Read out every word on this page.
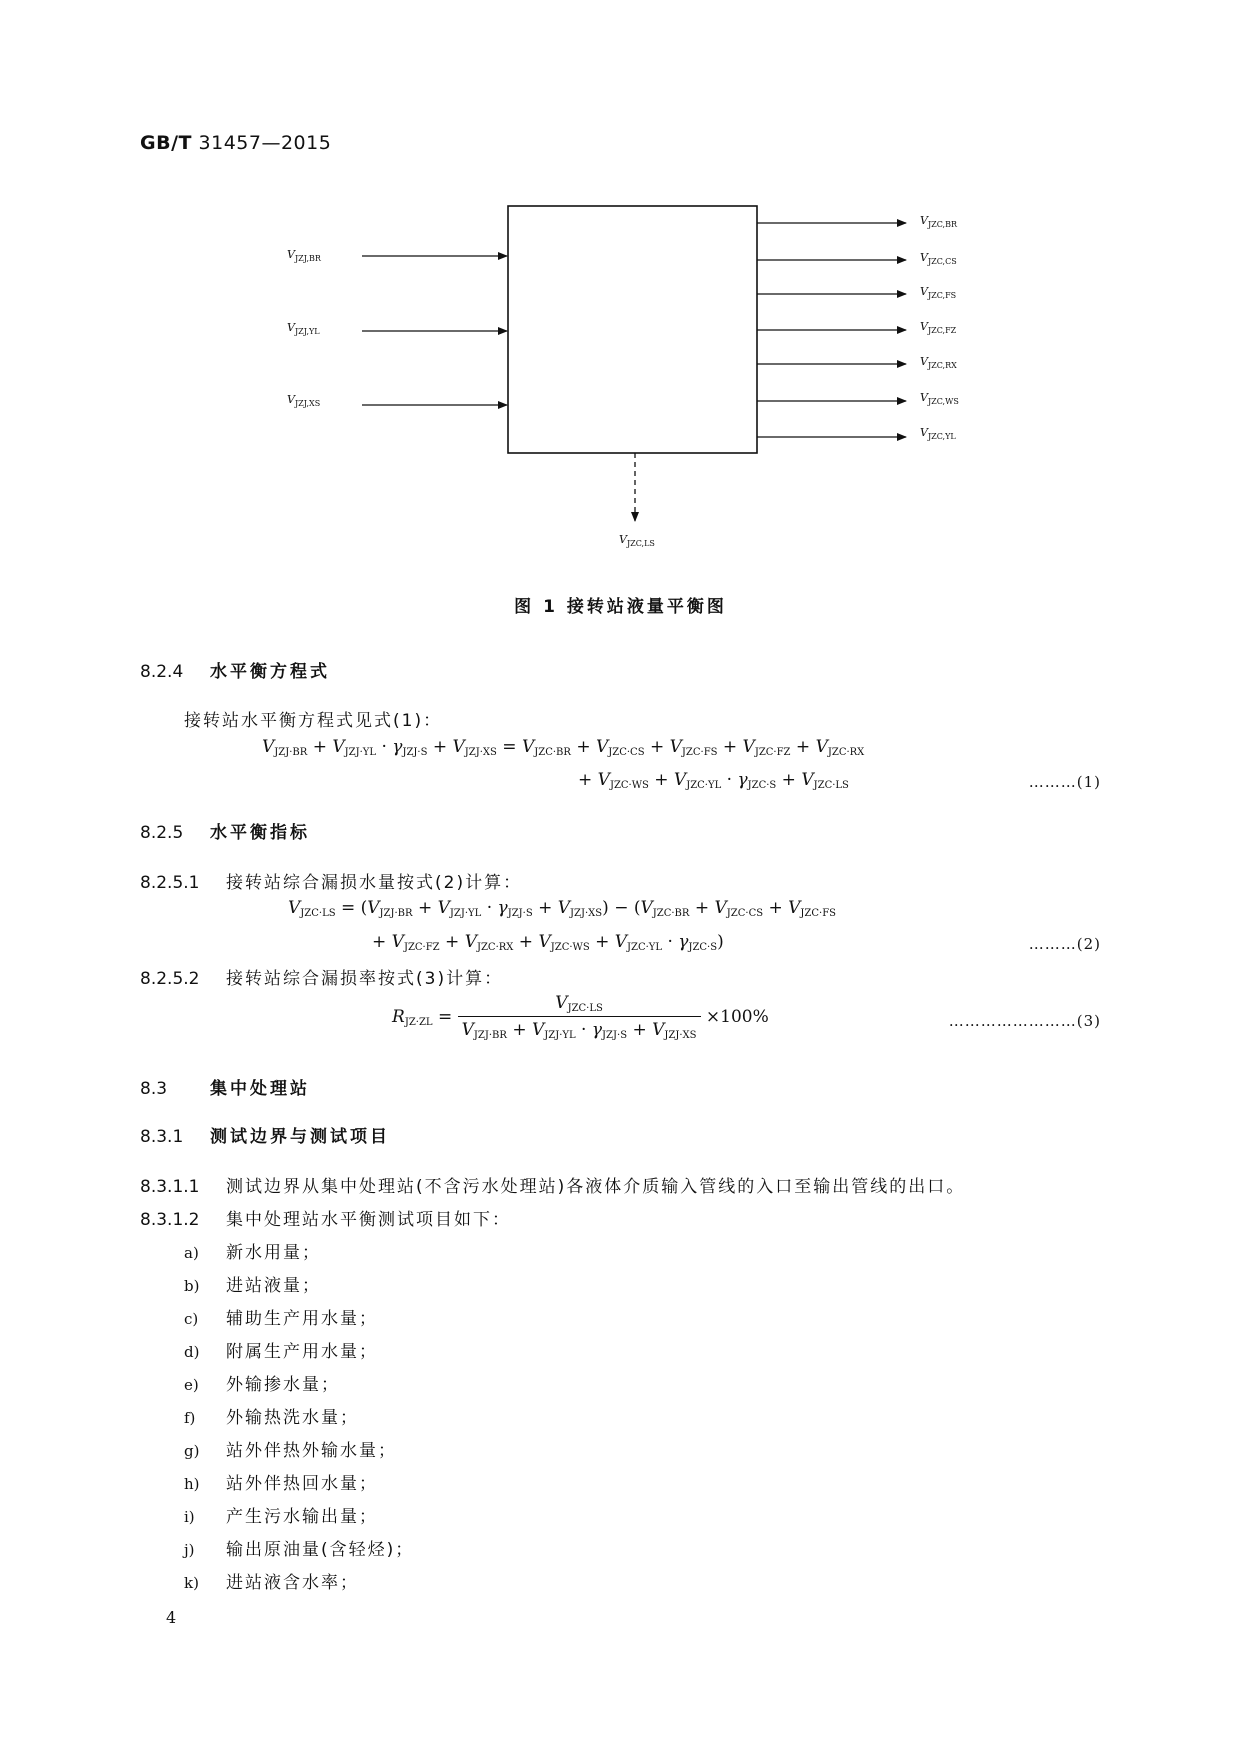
GB/T 31457—2015
$V_{JZJ,BR}$
$V_{JZJ,YL}$
$V_{JZJ,XS}$
$V_{JZC,BR}$
$V_{JZC,CS}$
$V_{JZC,FS}$
$V_{JZC,FZ}$
$V_{JZC,RX}$
$V_{JZC,WS}$
$V_{JZC,YL}$
$V_{JZC,LS}$
图 1 接转站液量平衡图
8.2.4 水平衡方程式
接转站水平衡方程式见式(1)：
$V_{JZJ\cdot BR} + V_{JZJ\cdot YL} \cdot \gamma_{JZJ\cdot S} + V_{JZJ\cdot XS} = V_{JZC\cdot BR} + V_{JZC\cdot CS} + V_{JZC\cdot FS} + V_{JZC\cdot FZ} + V_{JZC\cdot RX}$
+ $V_{JZC\cdot WS} + V_{JZC\cdot YL} \cdot \gamma_{JZC\cdot S} + V_{JZC\cdot LS}$	………(1)
8.2.5 水平衡指标
8.2.5.1 接转站综合漏损水量按式(2)计算：
$V_{JZC\cdot LS} = (V_{JZJ\cdot BR} + V_{JZJ\cdot YL} \cdot \gamma_{JZJ\cdot S} + V_{JZJ\cdot XS}) - (V_{JZC\cdot BR} + V_{JZC\cdot CS} + V_{JZC\cdot FS}$
+ $V_{JZC\cdot FZ} + V_{JZC\cdot RX} + V_{JZC\cdot WS} + V_{JZC\cdot YL} \cdot \gamma_{JZC\cdot S}$)	………(2)
8.2.5.2 接转站综合漏损率按式(3)计算：
$R_{JZ\cdot ZL} = \frac{V_{JZC\cdot LS}}{V_{JZJ\cdot BR} + V_{JZJ\cdot YL} \cdot \gamma_{JZJ\cdot S} + V_{JZJ\cdot XS}} \times 100\%$	……………………(3)
8.3	集中处理站
8.3.1 测试边界与测试项目
8.3.1.1 测试边界从集中处理站(不含污水处理站)各液体介质输入管线的入口至输出管线的出口。
8.3.1.2 集中处理站水平衡测试项目如下：
a) 新水用量；
b) 进站液量；
c) 辅助生产用水量；
d) 附属生产用水量；
e) 外输掺水量；
f) 外输热洗水量；
g) 站外伴热外输水量；
h) 站外伴热回水量；
i) 产生污水输出量；
j) 输出原油量(含轻烃)；
k) 进站液含水率；
4
